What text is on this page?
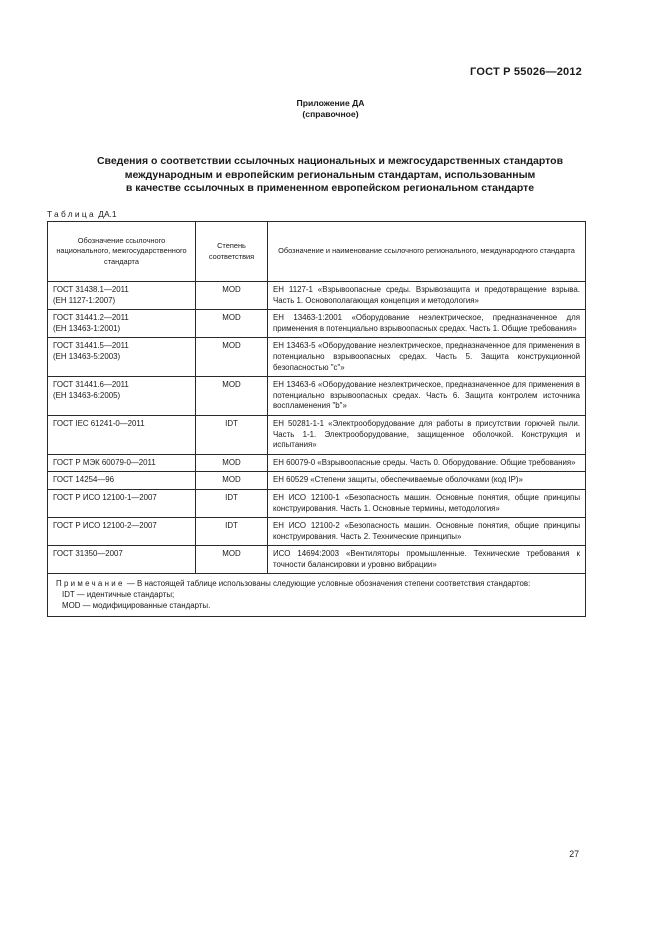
ГОСТ Р 55026—2012
Приложение ДА
(справочное)
Сведения о соответствии ссылочных национальных и межгосударственных стандартов
международным и европейским региональным стандартам, использованным
в качестве ссылочных в примененном европейском региональном стандарте
Таблица ДА.1
Обозначение ссылочного национального, межгосударственного стандарта	Степень соответствия	Обозначение и наименование ссылочного регионального, международного стандарта

ГОСТ 31438.1—2011
(ЕН 1127-1:2007)	MOD	ЕН 1127-1 «Взрывоопасные среды. Взрывозащита и предотвращение взрыва. Часть 1. Основополагающая концепция и методология»

ГОСТ 31441.2—2011
(ЕН 13463-1:2001)	MOD	ЕН 13463-1:2001 «Оборудование неэлектрическое, предназначенное для применения в потенциально взрывоопасных средах. Часть 1. Общие требования»

ГОСТ 31441.5—2011
(ЕН 13463-5:2003)	MOD	ЕН 13463-5 «Оборудование неэлектрическое, предназначенное для применения в потенциально взрывоопасных средах. Часть 5. Защита конструкционной безопасностью "с"»

ГОСТ 31441.6—2011
(ЕН 13463-6:2005)	MOD	ЕН 13463-6 «Оборудование неэлектрическое, предназначенное для применения в потенциально взрывоопасных средах. Часть 6. Защита контролем источника воспламенения "b"»

ГОСТ IEC 61241-0—2011	IDT	ЕН 50281-1-1 «Электрооборудование для работы в присутствии горючей пыли. Часть 1-1. Электрооборудование, защищенное оболочкой. Конструкция и испытания»

ГОСТ Р МЭК 60079-0—2011	MOD	ЕН 60079-0 «Взрывоопасные среды. Часть 0. Оборудование. Общие требования»

ГОСТ 14254—96	MOD	ЕН 60529 «Степени защиты, обеспечиваемые оболочками (код IP)»

ГОСТ Р ИСО 12100-1—2007	IDT	ЕН ИСО 12100-1 «Безопасность машин. Основные понятия, общие принципы конструирования. Часть 1. Основные термины, методология»

ГОСТ Р ИСО 12100-2—2007	IDT	ЕН ИСО 12100-2 «Безопасность машин. Основные понятия, общие принципы конструирования. Часть 2. Технические принципы»

ГОСТ 31350—2007	MOD	ИСО 14694:2003 «Вентиляторы промышленные. Технические требования к точности балансировки и уровню вибрации»

Примечание — В настоящей таблице использованы следующие условные обозначения степени соответствия стандартов:
IDT — идентичные стандарты;
MOD — модифицированные стандарты.		
27
